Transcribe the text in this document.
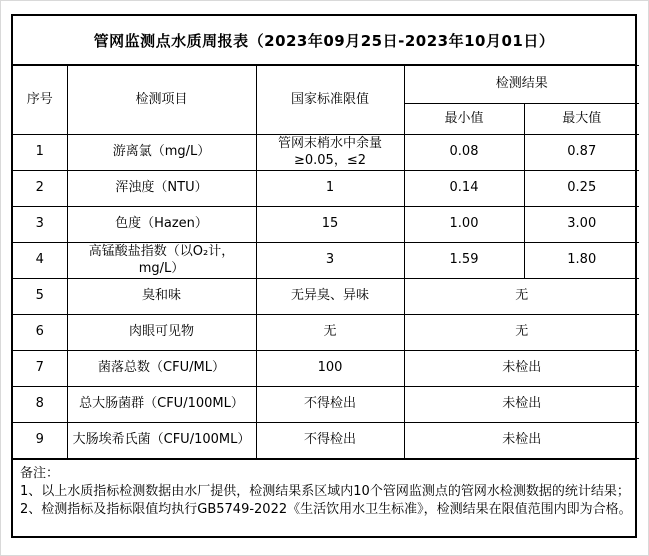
管网监测点水质周报表（2023年09月25日-2023年10月01日）
序号	检测项目	国家标准限值	检测结果	
			最小值	最大值
1	游离氯（mg/L）	管网末梢水中余量≥0.05，≤2	0.08	0.87
2	浑浊度（NTU）	1	0.14	0.25
3	色度（Hazen）	15	1.00	3.00
4	高锰酸盐指数（以O₂计，mg/L）	3	1.59	1.80
5	臭和味	无异臭、异味	无	
6	肉眼可见物	无	无	
7	菌落总数（CFU/ML）	100	未检出	
8	总大肠菌群（CFU/100ML）	不得检出	未检出	
9	大肠埃希氏菌（CFU/100ML）	不得检出	未检出	
备注：
1、以上水质指标检测数据由水厂提供，检测结果系区域内10个管网监测点的管网水检测数据的统计结果；
2、检测指标及指标限值均执行GB5749-2022《生活饮用水卫生标准》，检测结果在限值范围内即为合格。
